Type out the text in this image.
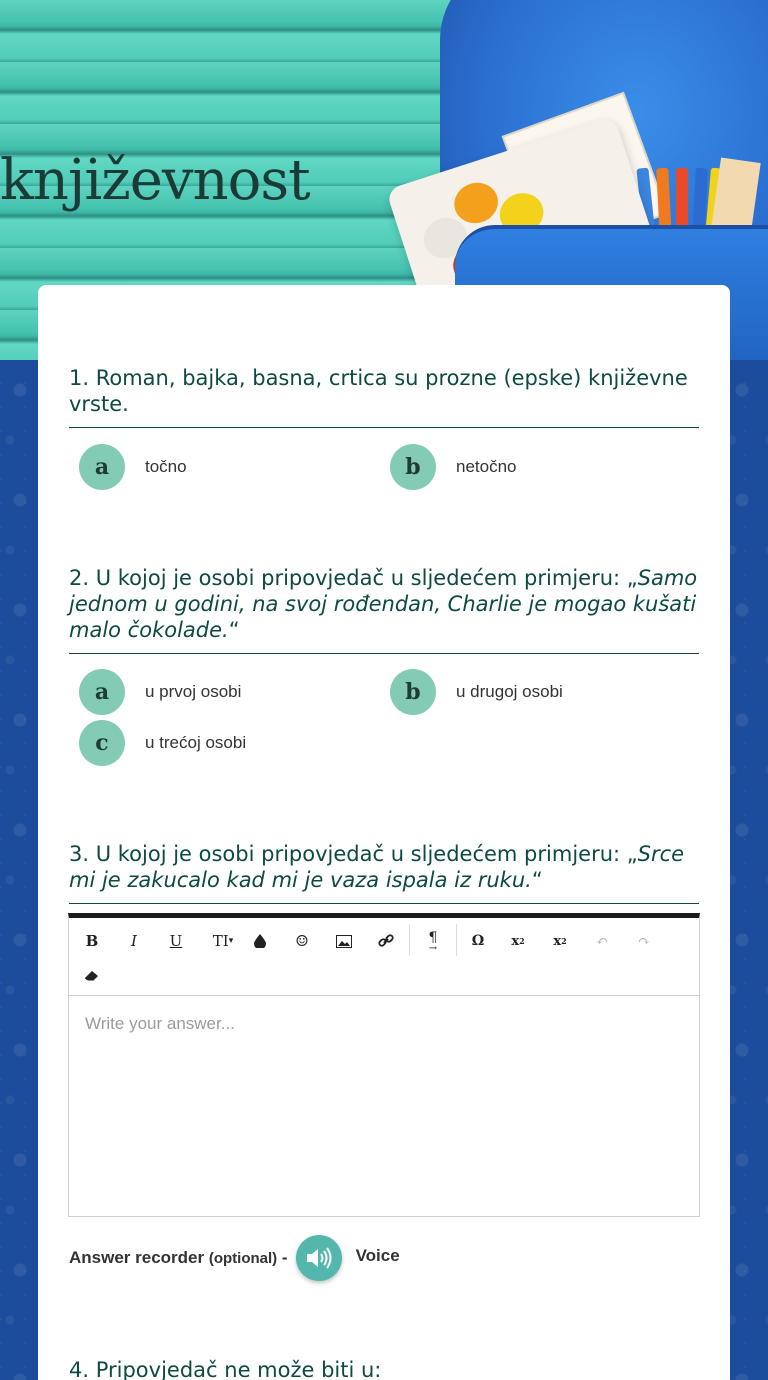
književnost
1. Roman, bajka, basna, crtica su prozne (epske) književne vrste.
a	točno	b	netočno
2. U kojoj je osobi pripovjedač u sljedećem primjeru: „Samo jednom u godini, na svoj rođendan, Charlie je mogao kušati malo čokolade.“
a	u prvoj osobi	b	u drugoj osobi
c	u trećoj osobi
3. U kojoj je osobi pripovjedač u sljedećem primjeru: „Srce mi je zakucalo kad mi je vaza ispala iz ruku.“
B	I	U	TI ▾	☺	¶
→	Ω	x 2	x 2	↶	↷
Write your answer...
Answer recorder (optional) -	Voice
4. Pripovjedač ne može biti u:
